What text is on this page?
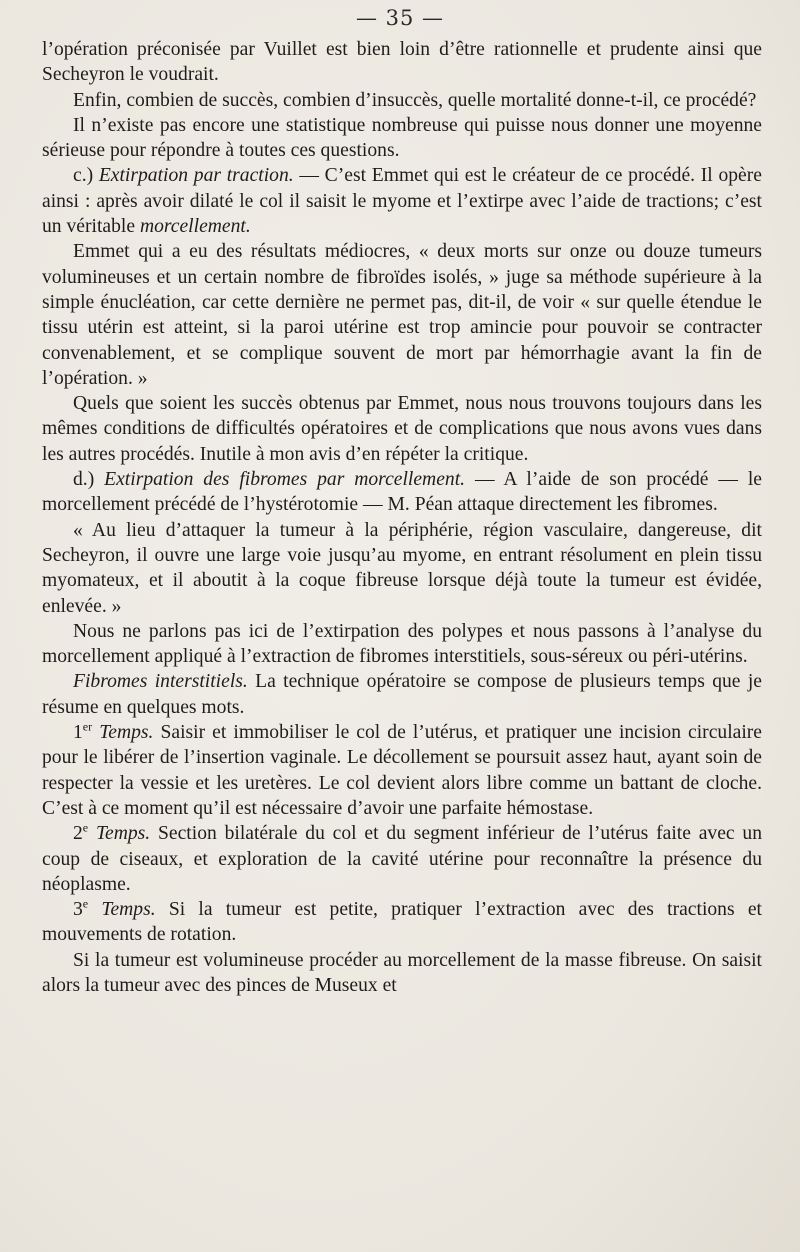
— 35 —

l’opération préconisée par Vuillet est bien loin d’être rationnelle et prudente ainsi que Secheyron le voudrait.

Enfin, combien de succès, combien d’insuccès, quelle mortalité donne-t-il, ce procédé?

Il n’existe pas encore une statistique nombreuse qui puisse nous donner une moyenne sérieuse pour répondre à toutes ces questions.

c.) Extirpation par traction. — C’est Emmet qui est le créateur de ce procédé. Il opère ainsi : après avoir dilaté le col il saisit le myome et l’extirpe avec l’aide de tractions; c’est un véritable morcellement.

Emmet qui a eu des résultats médiocres, « deux morts sur onze ou douze tumeurs volumineuses et un certain nombre de fibroïdes isolés, » juge sa méthode supérieure à la simple énucléation, car cette dernière ne permet pas, dit-il, de voir « sur quelle étendue le tissu utérin est atteint, si la paroi utérine est trop amincie pour pouvoir se contracter convenablement, et se complique souvent de mort par hémorrhagie avant la fin de l’opération. »

Quels que soient les succès obtenus par Emmet, nous nous trouvons toujours dans les mêmes conditions de difficultés opératoires et de complications que nous avons vues dans les autres procédés. Inutile à mon avis d’en répéter la critique.

d.) Extirpation des fibromes par morcellement. — A l’aide de son procédé — le morcellement précédé de l’hystérotomie — M. Péan attaque directement les fibromes.

« Au lieu d’attaquer la tumeur à la périphérie, région vasculaire, dangereuse, dit Secheyron, il ouvre une large voie jusqu’au myome, en entrant résolument en plein tissu myomateux, et il aboutit à la coque fibreuse lorsque déjà toute la tumeur est évidée, enlevée. »

Nous ne parlons pas ici de l’extirpation des polypes et nous passons à l’analyse du morcellement appliqué à l’extraction de fibromes interstitiels, sous-séreux ou péri-utérins.

Fibromes interstitiels. La technique opératoire se compose de plusieurs temps que je résume en quelques mots.

1er Temps. Saisir et immobiliser le col de l’utérus, et pratiquer une incision circulaire pour le libérer de l’insertion vaginale. Le décollement se poursuit assez haut, ayant soin de respecter la vessie et les uretères. Le col devient alors libre comme un battant de cloche. C’est à ce moment qu’il est nécessaire d’avoir une parfaite hémostase.

2e Temps. Section bilatérale du col et du segment inférieur de l’utérus faite avec un coup de ciseaux, et exploration de la cavité utérine pour reconnaître la présence du néoplasme.

3e Temps. Si la tumeur est petite, pratiquer l’extraction avec des tractions et mouvements de rotation.

Si la tumeur est volumineuse procéder au morcellement de la masse fibreuse. On saisit alors la tumeur avec des pinces de Museux et
